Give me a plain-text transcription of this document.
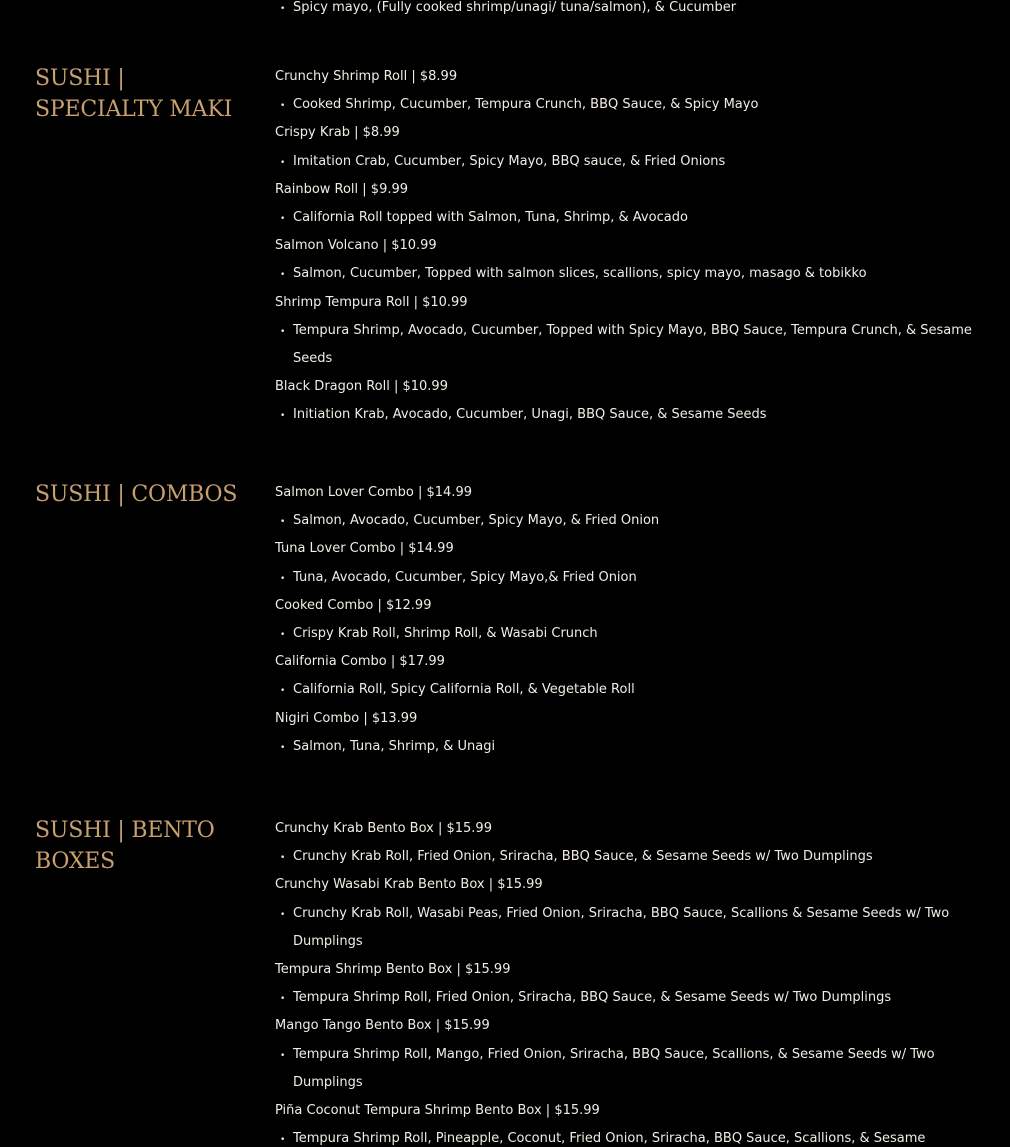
• Spicy mayo, (Fully cooked shrimp/unagi/ tuna/salmon), & Cucumber
SUSHI | SPECIALTY MAKI
Crunchy Shrimp Roll | $8.99
• Cooked Shrimp, Cucumber, Tempura Crunch, BBQ Sauce, & Spicy Mayo
Crispy Krab | $8.99
• Imitation Crab, Cucumber, Spicy Mayo, BBQ sauce, & Fried Onions
Rainbow Roll | $9.99
• California Roll topped with Salmon, Tuna, Shrimp, & Avocado
Salmon Volcano | $10.99
• Salmon, Cucumber, Topped with salmon slices, scallions, spicy mayo, masago & tobikko
Shrimp Tempura Roll | $10.99
• Tempura Shrimp, Avocado, Cucumber, Topped with Spicy Mayo, BBQ Sauce, Tempura Crunch, & Sesame Seeds
Black Dragon Roll | $10.99
• Initiation Krab, Avocado, Cucumber, Unagi, BBQ Sauce, & Sesame Seeds
SUSHI | COMBOS	Salmon Lover Combo | $14.99
• Salmon, Avocado, Cucumber, Spicy Mayo, & Fried Onion
Tuna Lover Combo | $14.99
• Tuna, Avocado, Cucumber, Spicy Mayo,& Fried Onion
Cooked Combo | $12.99
• Crispy Krab Roll, Shrimp Roll, & Wasabi Crunch
California Combo | $17.99
• California Roll, Spicy California Roll, & Vegetable Roll
Nigiri Combo | $13.99
• Salmon, Tuna, Shrimp, & Unagi
SUSHI | BENTO BOXES
Crunchy Krab Bento Box | $15.99
• Crunchy Krab Roll, Fried Onion, Sriracha, BBQ Sauce, & Sesame Seeds w/ Two Dumplings
Crunchy Wasabi Krab Bento Box | $15.99
• Crunchy Krab Roll, Wasabi Peas, Fried Onion, Sriracha, BBQ Sauce, Scallions & Sesame Seeds w/ Two Dumplings
Tempura Shrimp Bento Box | $15.99
• Tempura Shrimp Roll, Fried Onion, Sriracha, BBQ Sauce, & Sesame Seeds w/ Two Dumplings
Mango Tango Bento Box | $15.99
• Tempura Shrimp Roll, Mango, Fried Onion, Sriracha, BBQ Sauce, Scallions, & Sesame Seeds w/ Two Dumplings
Piña Coconut Tempura Shrimp Bento Box | $15.99
• Tempura Shrimp Roll, Pineapple, Coconut, Fried Onion, Sriracha, BBQ Sauce, Scallions, & Sesame
